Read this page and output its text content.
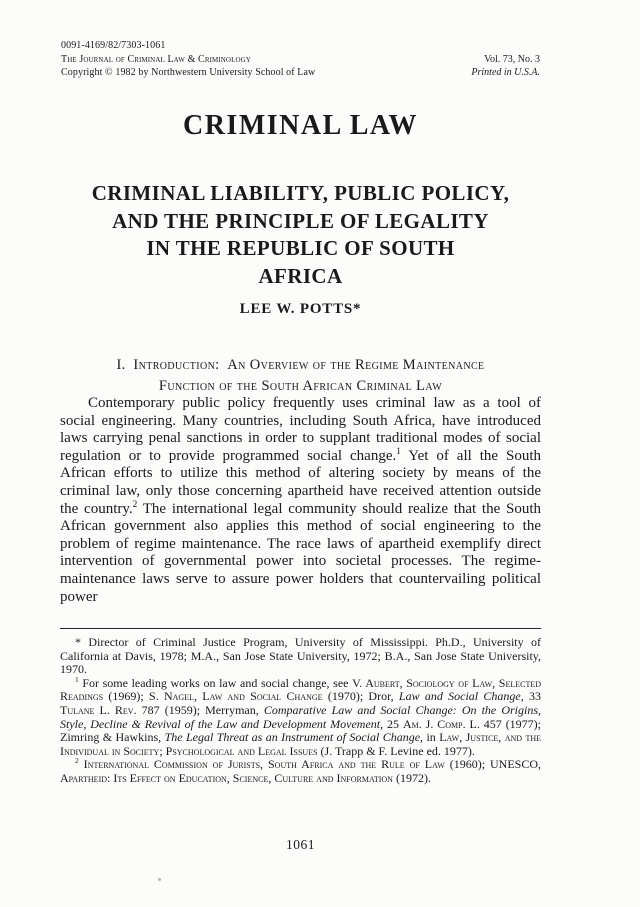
0091-4169/82/7303-1061
The Journal of Criminal Law & Criminology
Copyright © 1982 by Northwestern University School of Law
Vol. 73, No. 3
Printed in U.S.A.
CRIMINAL LAW
CRIMINAL LIABILITY, PUBLIC POLICY,
AND THE PRINCIPLE OF LEGALITY
IN THE REPUBLIC OF SOUTH
AFRICA
LEE W. POTTS*
I. Introduction: An Overview of the Regime Maintenance
Function of the South African Criminal Law

Contemporary public policy frequently uses criminal law as a tool of social engineering. Many countries, including South Africa, have introduced laws carrying penal sanctions in order to supplant traditional modes of social regulation or to provide programmed social change.$^1$ Yet of all the South African efforts to utilize this method of altering society by means of the criminal law, only those concerning apartheid have received attention outside the country.$^2$ The international legal community should realize that the South African government also applies this method of social engineering to the problem of regime maintenance. The race laws of apartheid exemplify direct intervention of governmental power into societal processes. The regime-maintenance laws serve to assure power holders that countervailing political power

* Director of Criminal Justice Program, University of Mississippi. Ph.D., University of California at Davis, 1978; M.A., San Jose State University, 1972; B.A., San Jose State University, 1970.

$^1$ For some leading works on law and social change, see V. Aubert, Sociology of Law, Selected Readings (1969); S. Nagel, Law and Social Change (1970); Dror, Law and Social Change, 33 Tulane L. Rev. 787 (1959); Merryman, Comparative Law and Social Change: On the Origins, Style, Decline & Revival of the Law and Development Movement, 25 Am. J. Comp. L. 457 (1977); Zimring & Hawkins, The Legal Threat as an Instrument of Social Change, in Law, Justice, and the Individual in Society; Psychological and Legal Issues (J. Trapp & F. Levine ed. 1977).

$^2$ International Commission of Jurists, South Africa and the Rule of Law (1960); UNESCO, Apartheid: Its Effect on Education, Science, Culture and Information (1972).

1061
